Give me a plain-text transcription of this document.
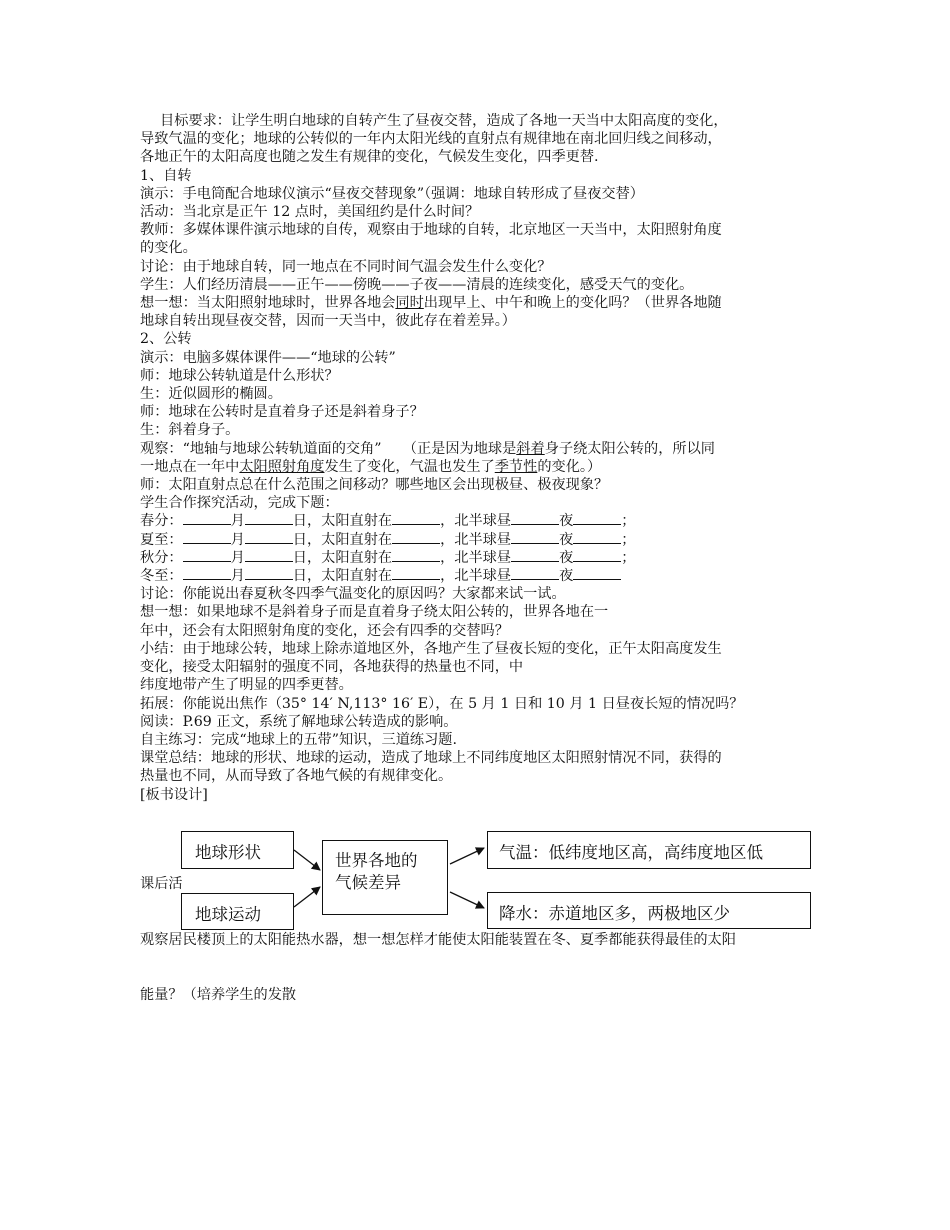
目标要求：让学生明白地球的自转产生了昼夜交替，造成了各地一天当中太阳高度的变化，

导致气温的变化；地球的公转似的一年内太阳光线的直射点有规律地在南北回归线之间移动，

各地正午的太阳高度也随之发生有规律的变化，气候发生变化，四季更替.

1、自转

演示：手电筒配合地球仪演示“昼夜交替现象”（强调：地球自转形成了昼夜交替）

活动：当北京是正午 12 点时，美国纽约是什么时间？

教师：多媒体课件演示地球的自传，观察由于地球的自转，北京地区一天当中，太阳照射角度

的变化。

讨论：由于地球自转，同一地点在不同时间气温会发生什么变化？

学生：人们经历清晨——正午——傍晚——子夜——清晨的连续变化，感受天气的变化。

想一想：当太阳照射地球时，世界各地会同时出现早上、中午和晚上的变化吗？（世界各地随

地球自转出现昼夜交替，因而一天当中，彼此存在着差异。）

2、公转

演示：电脑多媒体课件——“地球的公转”

师：地球公转轨道是什么形状？

生：近似圆形的椭圆。

师：地球在公转时是直着身子还是斜着身子？

生：斜着身子。

观察：“地轴与地球公转轨道面的交角”　　（正是因为地球是斜着身子绕太阳公转的，所以同

一地点在一年中太阳照射角度发生了变化，气温也发生了季节性的变化。）

师：太阳直射点总在什么范围之间移动？哪些地区会出现极昼、极夜现象？

学生合作探究活动，完成下题：

春分：	月	日，太阳直射在	，北半球昼	夜	；

夏至：	月	日，太阳直射在	，北半球昼	夜	；

秋分：	月	日，太阳直射在	，北半球昼	夜	；

冬至：	月	日，太阳直射在	，北半球昼	夜

讨论：你能说出春夏秋冬四季气温变化的原因吗？大家都来试一试。

想一想：如果地球不是斜着身子而是直着身子绕太阳公转的，世界各地在一

年中，还会有太阳照射角度的变化，还会有四季的交替吗？

小结：由于地球公转，地球上除赤道地区外，各地产生了昼夜长短的变化，正午太阳高度发生

变化，接受太阳辐射的强度不同，各地获得的热量也不同，中

纬度地带产生了明显的四季更替。

拓展：你能说出焦作（35° 14′ N,113° 16′ E），在 5 月 1 日和 10 月 1 日昼夜长短的情况吗？

阅读：P.69 正文，系统了解地球公转造成的影响。

自主练习：完成“地球上的五带”知识，三道练习题.

课堂总结：地球的形状、地球的运动，造成了地球上不同纬度地区太阳照射情况不同，获得的

热量也不同，从而导致了各地气候的有规律变化。

[板书设计]

课后活

观察居民楼顶上的太阳能热水器，想一想怎样才能使太阳能装置在冬、夏季都能获得最佳的太阳

能量？（培养学生的发散

地球形状
地球运动
世界各地的
气候差异
气温：低纬度地区高，高纬度地区低
降水：赤道地区多，两极地区少
